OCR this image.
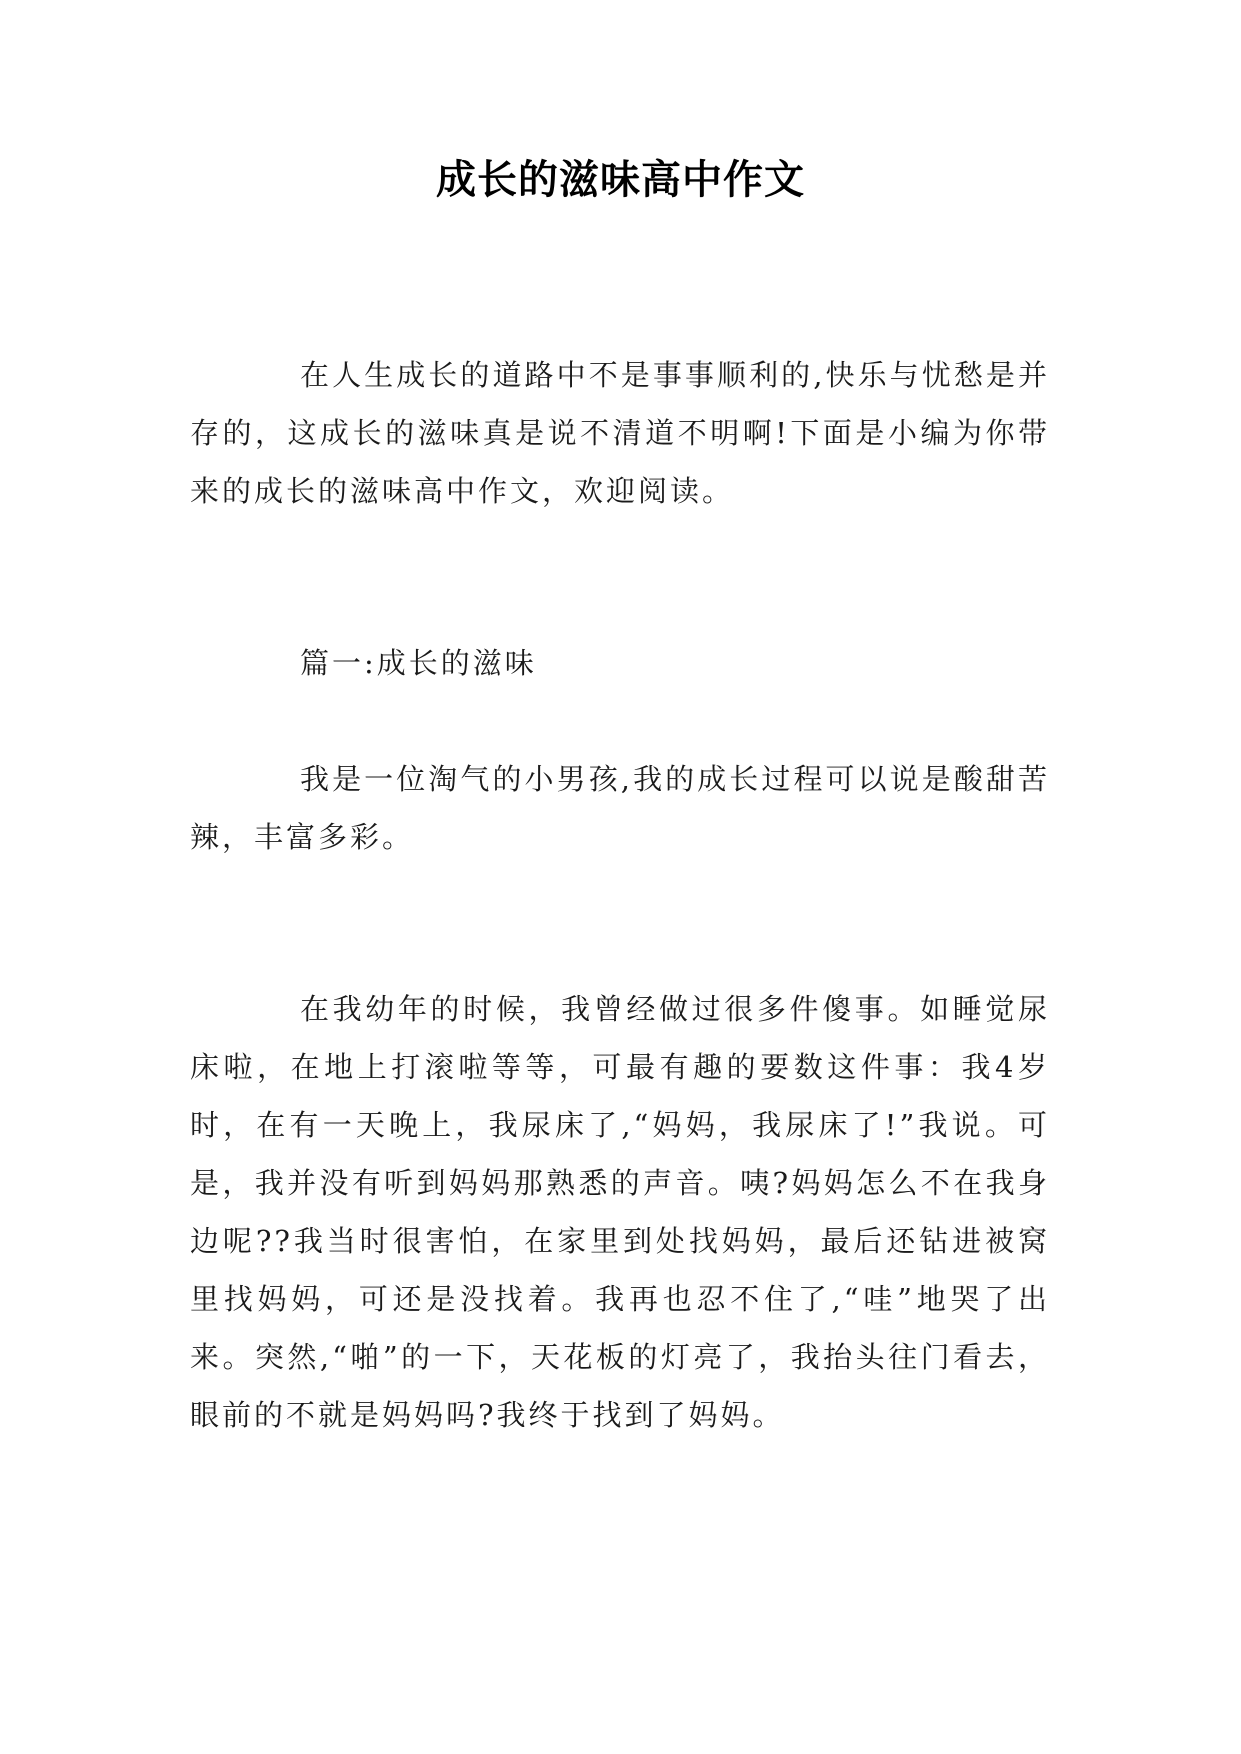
成长的滋味高中作文

在人生成长的道路中不是事事顺利的,快乐与忧愁是并存的，这成长的滋味真是说不清道不明啊!下面是小编为你带来的成长的滋味高中作文，欢迎阅读。

篇一:成长的滋味

我是一位淘气的小男孩,我的成长过程可以说是酸甜苦辣，丰富多彩。

在我幼年的时候，我曾经做过很多件傻事。如睡觉尿床啦，在地上打滚啦等等，可最有趣的要数这件事：我4岁时，在有一天晚上，我尿床了,“妈妈，我尿床了!”我说。可是，我并没有听到妈妈那熟悉的声音。咦?妈妈怎么不在我身边呢??我当时很害怕，在家里到处找妈妈，最后还钻进被窝里找妈妈，可还是没找着。我再也忍不住了,“哇”地哭了出来。突然,“啪”的一下，天花板的灯亮了，我抬头往门看去，眼前的不就是妈妈吗?我终于找到了妈妈。
